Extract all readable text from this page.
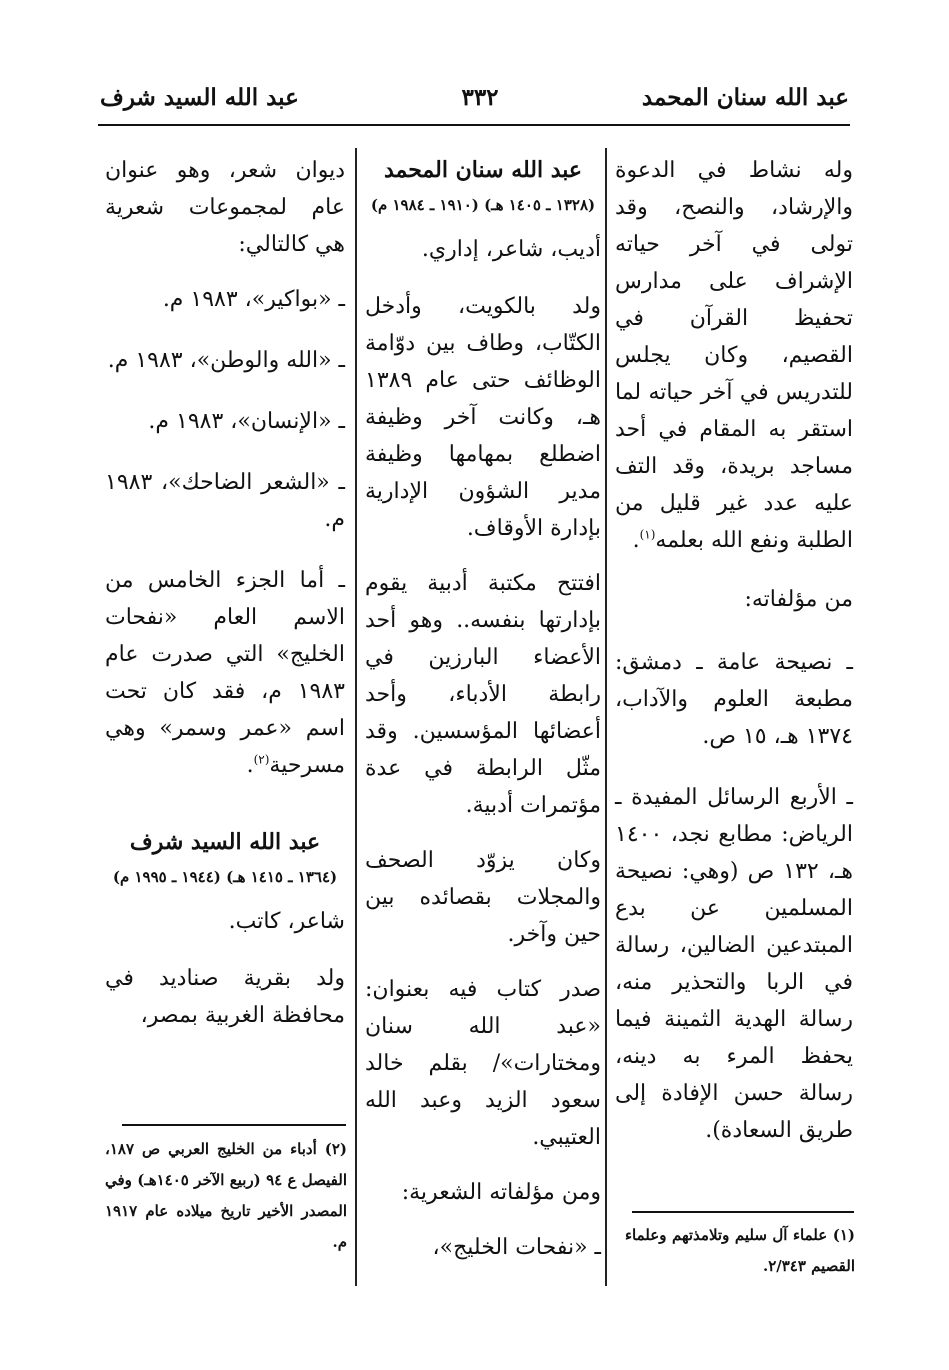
عبد الله سنان المحمد
٣٣٢
عبد الله السيد شرف

وله نشاط في الدعوة والإرشاد، والنصح، وقد تولى في آخر حياته الإشراف على مدارس تحفيظ القرآن في القصيم، وكان يجلس للتدريس في آخر حياته لما استقر به المقام في أحد مساجد بريدة، وقد التف عليه عدد غير قليل من الطلبة ونفع الله بعلمه$^{(١)}$.

من مؤلفاته:

ـ نصيحة عامة ـ دمشق: مطبعة العلوم والآداب، ١٣٧٤ هـ، ١٥ ص.

ـ الأربع الرسائل المفيدة ـ الرياض: مطابع نجد، ١٤٠٠ هـ، ١٣٢ ص (وهي: نصيحة المسلمين عن بدع المبتدعين الضالين، رسالة في الربا والتحذير منه، رسالة الهدية الثمينة فيما يحفظ المرء به دينه، رسالة حسن الإفادة إلى طريق السعادة).

عبد الله سنان المحمد

(١٣٢٨ ـ ١٤٠٥ هـ) (١٩١٠ ـ ١٩٨٤ م)

أديب، شاعر، إداري.

ولد بالكويت، وأدخل الكتّاب، وطاف بين دوّامة الوظائف حتى عام ١٣٨٩ هـ، وكانت آخر وظيفة اضطلع بمهامها وظيفة مدير الشؤون الإدارية بإدارة الأوقاف.

افتتح مكتبة أدبية يقوم بإدارتها بنفسه.. وهو أحد الأعضاء البارزين في رابطة الأدباء، وأحد أعضائها المؤسسين. وقد مثّل الرابطة في عدة مؤتمرات أدبية.

وكان يزوّد الصحف والمجلات بقصائده بين حين وآخر.

صدر كتاب فيه بعنوان: «عبد الله سنان ومختارات»/ بقلم خالد سعود الزيد وعبد الله العتيبي.

ومن مؤلفاته الشعرية:

ـ «نفحات الخليج»،

ديوان شعر، وهو عنوان عام لمجموعات شعرية هي كالتالي:

ـ «بواكير»، ١٩٨٣ م.

ـ «الله والوطن»، ١٩٨٣ م.

ـ «الإنسان»، ١٩٨٣ م.

ـ «الشعر الضاحك»، ١٩٨٣ م.

ـ أما الجزء الخامس من الاسم العام «نفحات الخليج» التي صدرت عام ١٩٨٣ م، فقد كان تحت اسم «عمر وسمر» وهي مسرحية$^{(٢)}$.

عبد الله السيد شرف

(١٣٦٤ ـ ١٤١٥ هـ) (١٩٤٤ ـ ١٩٩٥ م)

شاعر، كاتب.

ولد بقرية صناديد في محافظة الغربية بمصر،

(١) علماء آل سليم وتلامذتهم وعلماء القصيم ٢/٣٤٣.
(٢) أدباء من الخليج العربي ص ١٨٧، الفيصل ع ٩٤ (ربيع الآخر ١٤٠٥هـ) وفي المصدر الأخير تاريخ ميلاده عام ١٩١٧ م.
